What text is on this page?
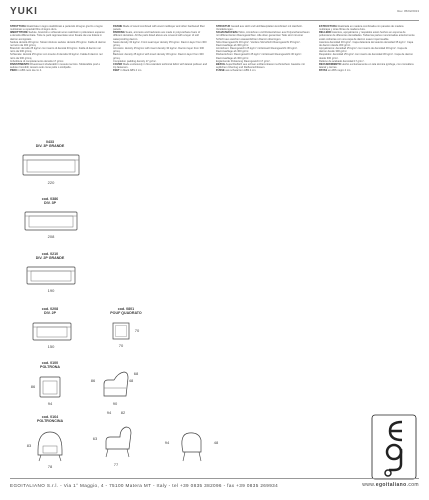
YUKI	Rev. 05/02/2013

STRUTTURA Realizzata in legno stabilizzato a partendo di legno grezzo o legno multistrato su speciali fibre di legno duro.

IMBOTTITURE Sedute, braccioli e schienali sono realizzati in poliuretano espanso a densità differenziata. Tutte le parti rappresentate sono fissate da una fodera in dacron accoppiato.

Seduta densità 30 kg/mc. Strato inferiore seduta: densità 35 kg/mc. Falda di dacron nel retro da 300 gr/mq.

Braccioli: densità 25 kg/mc con inserto di densità 30 kg/mc. Falda di dacron nel retro da 300 gr/mq.

Schienale: densità 25 kg/mc con inserto di densità 30 kg/mc. Falda di dacron nel retro da 300 gr/mq.

Imbottitura di completamento densità 17 gr/mc.

RIVESTIMENTO Rivestimenti sfoderabili in tessuto tecnico. Sfoderabile pouf e sedute rimovibili; tessuto solo come pelle o similpelle.

PIEDI in ABS nero da cm 4.

FRAME Made of wood combined with wood multilayer and other hardwood fiber panels.

PADDING Seats, armrests and backrests are made in polyurethane foam of different densities. All the parts listed above are covered with a layer of soft waterproofing dacron.

Seats density 30 kg/mc. Front seat layer density 35 kg/mc. Dacron layer from 300 gr/mq.

Armrests: density 25 kg/mc with insert density 30 kg/mc. Dacron layer from 300 gr/mq.

Backrest: density 25 kg/mc with insert density 30 kg/mc. Dacron layer from 300 gr/mq.

Completion padding density 17 gr/mc.

COVER Made exclusively in fire-retardant technical fabric with lateral pullover and zip fasteners.

FEET in black ABS 4 cm.

STRUKTUR Gestell aus Holz und Holzfaserplatten kombiniert mit Hartholz-Verstärkungen.

SCHAUMAUFBAU Sitze, Armlehnen und Rückenlehnen aus Polyurethanschaum mit differenzierten Raumgewichten. Alle oben genannten Teile sind mit einer Schicht aus weichem wasserdichtem Dacron überzogen.

Sitze Raumgewicht 30 kg/m³. Vordere Sitzschicht Raumgewicht 35 kg/m³. Dacronauflage ab 300 gr/m².

Armlehnen: Raumgewicht 25 kg/m³ mit Einsatz Raumgewicht 30 kg/m³. Dacronauflage ab 300 gr/m².

Rückenlehnen: Raumgewicht 25 kg/m³ mit Einsatz Raumgewicht 30 kg/m³. Dacronauflage ab 300 gr/m².

Ergänzende Polsterung Raumgewicht 17 gr/m³.

BEZUG Ausschließlich aus schwer entflammbarem technischem Gewebe mit seitlichem Überzug und Reißverschlüssen.

FÜSSE aus schwarzem ABS 4 cm.

ESTRUCTURA Realizada en madera combinada con paneles de madera multicapa y otras fibras de madera dura.

RELLENO Asientos, apoyabrazos y respaldos están hechos en espuma de poliuretano de diferentes densidades. Todas las partes mencionadas anteriormente están cubiertas con una capa de dacron suave impermeable.

Asientos densidad 30 kg/m³. Capa delantera del asiento densidad 35 kg/m³. Capa de dacron desde 300 gr/m².

Apoyabrazos: densidad 25 kg/m³ con inserto de densidad 30 kg/m³. Capa de dacron desde 300 gr/m².

Respaldos: densidad 25 kg/m³ con inserto de densidad 30 kg/m³. Capa de dacron desde 300 gr/m².

Relleno de acabado densidad 17 gr/m³.

RECUBRIMIENTO Hecho exclusivamente en tela técnica ignífuga, con cremallera lateral y cierres.

PATAS en ABS negro 4 cm.

0433
DIV. 3P GRANDE
220
cod. 0386
DIV. 3P
208
cod. 0210
DIV. 2P GRANDE
190
cod. 0208
DIV. 2P
150
cod. 0801
POUF QUADRATO
70
70
cod. 0100
POLTRONA
86
94
86
68
48
90
cod. 0164
POLTRONCINA
83
78
63
82
94
77
94	48
EGOITALIANO S.r.l. - Via 1° Maggio, 4 - 75100 Matera MT - Italy - tel +39 0835 382096 - fax +39 0835 269934	www.egoitaliano.com
